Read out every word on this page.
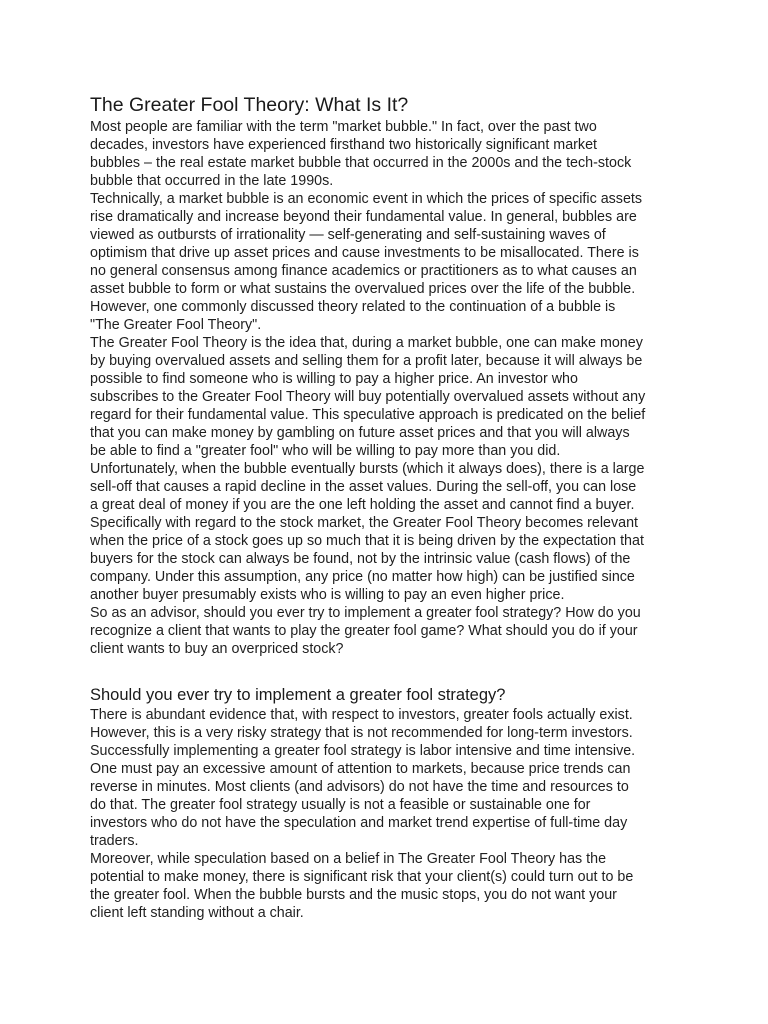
The Greater Fool Theory: What Is It?

Most people are familiar with the term "market bubble." In fact, over the past two
decades, investors have experienced firsthand two historically significant market
bubbles – the real estate market bubble that occurred in the 2000s and the tech-stock
bubble that occurred in the late 1990s.

Technically, a market bubble is an economic event in which the prices of specific assets
rise dramatically and increase beyond their fundamental value. In general, bubbles are
viewed as outbursts of irrationality — self-generating and self-sustaining waves of
optimism that drive up asset prices and cause investments to be misallocated. There is
no general consensus among finance academics or practitioners as to what causes an
asset bubble to form or what sustains the overvalued prices over the life of the bubble.
However, one commonly discussed theory related to the continuation of a bubble is
"The Greater Fool Theory".

The Greater Fool Theory is the idea that, during a market bubble, one can make money
by buying overvalued assets and selling them for a profit later, because it will always be
possible to find someone who is willing to pay a higher price. An investor who
subscribes to the Greater Fool Theory will buy potentially overvalued assets without any
regard for their fundamental value. This speculative approach is predicated on the belief
that you can make money by gambling on future asset prices and that you will always
be able to find a "greater fool" who will be willing to pay more than you did.

Unfortunately, when the bubble eventually bursts (which it always does), there is a large
sell-off that causes a rapid decline in the asset values. During the sell-off, you can lose
a great deal of money if you are the one left holding the asset and cannot find a buyer.

Specifically with regard to the stock market, the Greater Fool Theory becomes relevant
when the price of a stock goes up so much that it is being driven by the expectation that
buyers for the stock can always be found, not by the intrinsic value (cash flows) of the
company. Under this assumption, any price (no matter how high) can be justified since
another buyer presumably exists who is willing to pay an even higher price.

So as an advisor, should you ever try to implement a greater fool strategy? How do you
recognize a client that wants to play the greater fool game? What should you do if your
client wants to buy an overpriced stock?

Should you ever try to implement a greater fool strategy?

There is abundant evidence that, with respect to investors, greater fools actually exist.
However, this is a very risky strategy that is not recommended for long-term investors.
Successfully implementing a greater fool strategy is labor intensive and time intensive.
One must pay an excessive amount of attention to markets, because price trends can
reverse in minutes. Most clients (and advisors) do not have the time and resources to
do that. The greater fool strategy usually is not a feasible or sustainable one for
investors who do not have the speculation and market trend expertise of full-time day
traders.

Moreover, while speculation based on a belief in The Greater Fool Theory has the
potential to make money, there is significant risk that your client(s) could turn out to be
the greater fool. When the bubble bursts and the music stops, you do not want your
client left standing without a chair.
